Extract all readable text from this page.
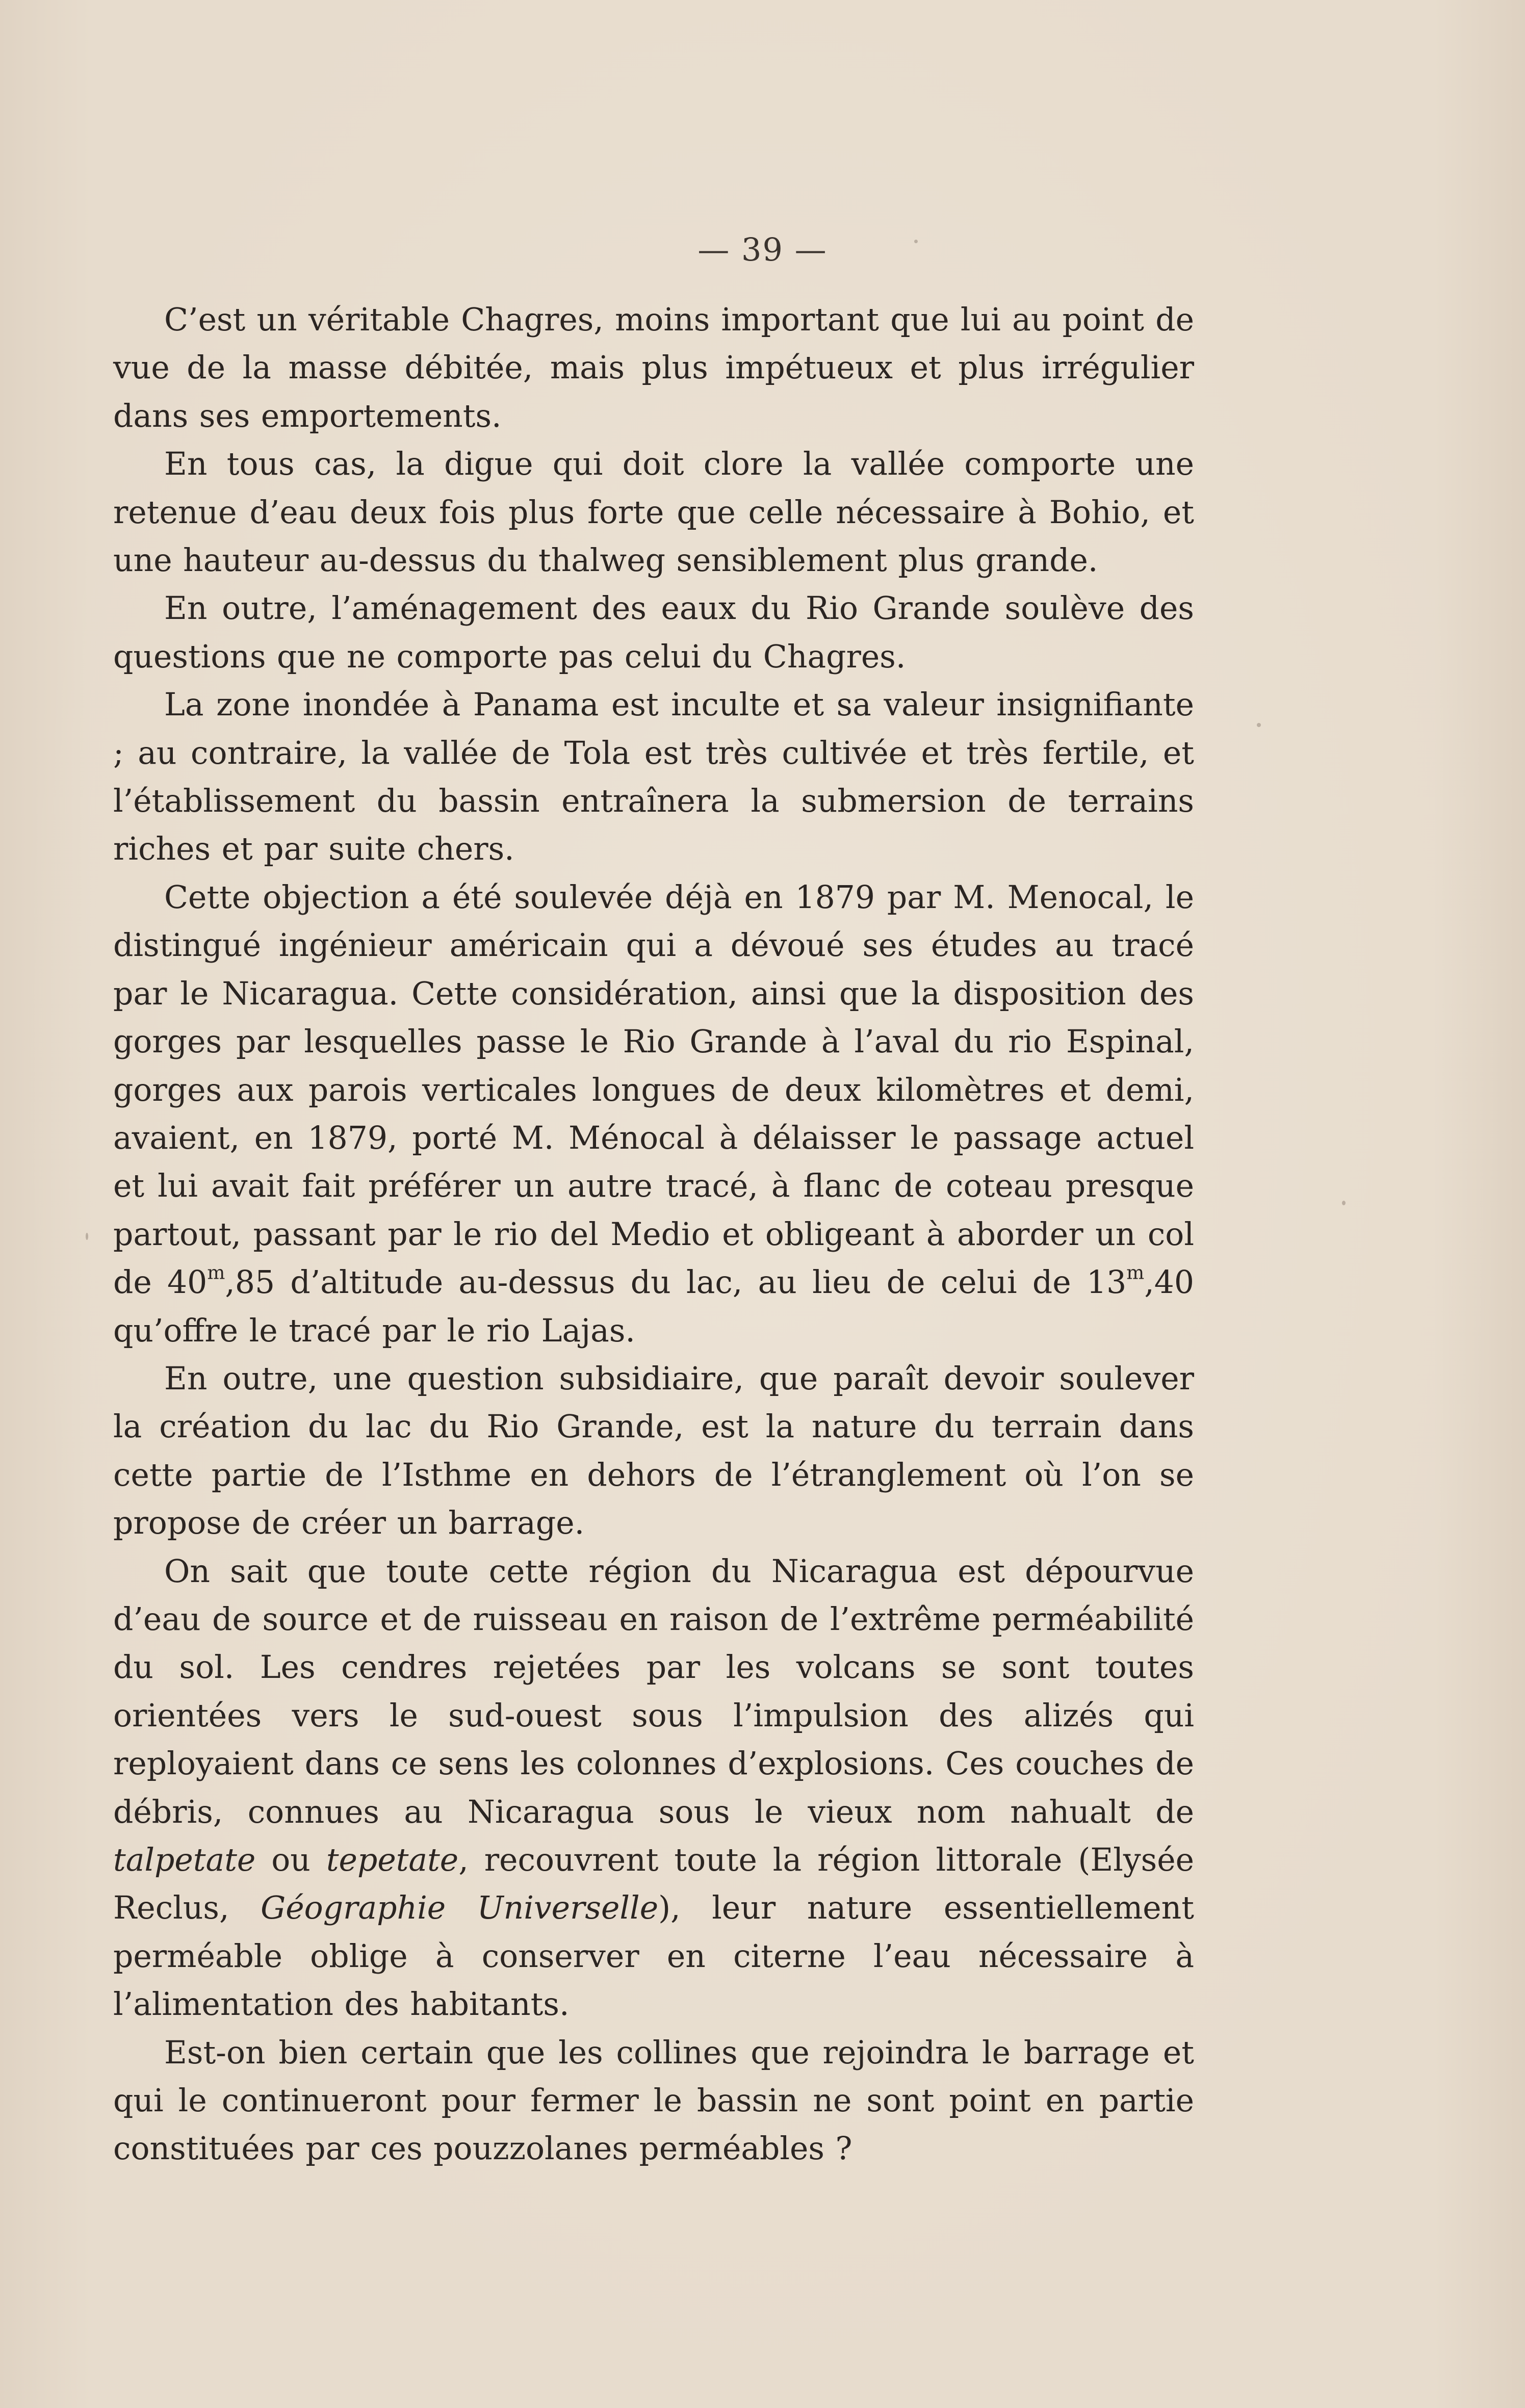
— 39 —

C’est un véritable Chagres, moins important que lui au point de vue de la masse débitée, mais plus impétueux et plus irrégulier dans ses emportements.

En tous cas, la digue qui doit clore la vallée comporte une retenue d’eau deux fois plus forte que celle nécessaire à Bohio, et une hauteur au-dessus du thalweg sensiblement plus grande.

En outre, l’aménagement des eaux du Rio Grande soulève des questions que ne comporte pas celui du Chagres.

La zone inondée à Panama est inculte et sa valeur insignifiante ; au contraire, la vallée de Tola est très cultivée et très fertile, et l’établissement du bassin entraînera la submersion de terrains riches et par suite chers.

Cette objection a été soulevée déjà en 1879 par M. Menocal, le distingué ingénieur américain qui a dévoué ses études au tracé par le Nicaragua. Cette considération, ainsi que la disposition des gorges par lesquelles passe le Rio Grande à l’aval du rio Espinal, gorges aux parois verticales longues de deux kilomètres et demi, avaient, en 1879, porté M. Ménocal à délaisser le passage actuel et lui avait fait préférer un autre tracé, à flanc de coteau presque partout, passant par le rio del Medio et obligeant à aborder un col de 40$^m$,85 d’altitude au-dessus du lac, au lieu de celui de 13$^m$,40 qu’offre le tracé par le rio Lajas.

En outre, une question subsidiaire, que paraît devoir soulever la création du lac du Rio Grande, est la nature du terrain dans cette partie de l’Isthme en dehors de l’étranglement où l’on se propose de créer un barrage.

On sait que toute cette région du Nicaragua est dépourvue d’eau de source et de ruisseau en raison de l’extrême perméabilité du sol. Les cendres rejetées par les volcans se sont toutes orientées vers le sud-ouest sous l’impulsion des alizés qui reployaient dans ce sens les colonnes d’explosions. Ces couches de débris, connues au Nicaragua sous le vieux nom nahualt de talpetate ou tepetate, recouvrent toute la région littorale (Elysée Reclus, Géographie Universelle), leur nature essentiellement perméable oblige à conserver en citerne l’eau nécessaire à l’alimentation des habitants.

Est-on bien certain que les collines que rejoindra le barrage et qui le continueront pour fermer le bassin ne sont point en partie constituées par ces pouzzolanes perméables ?
